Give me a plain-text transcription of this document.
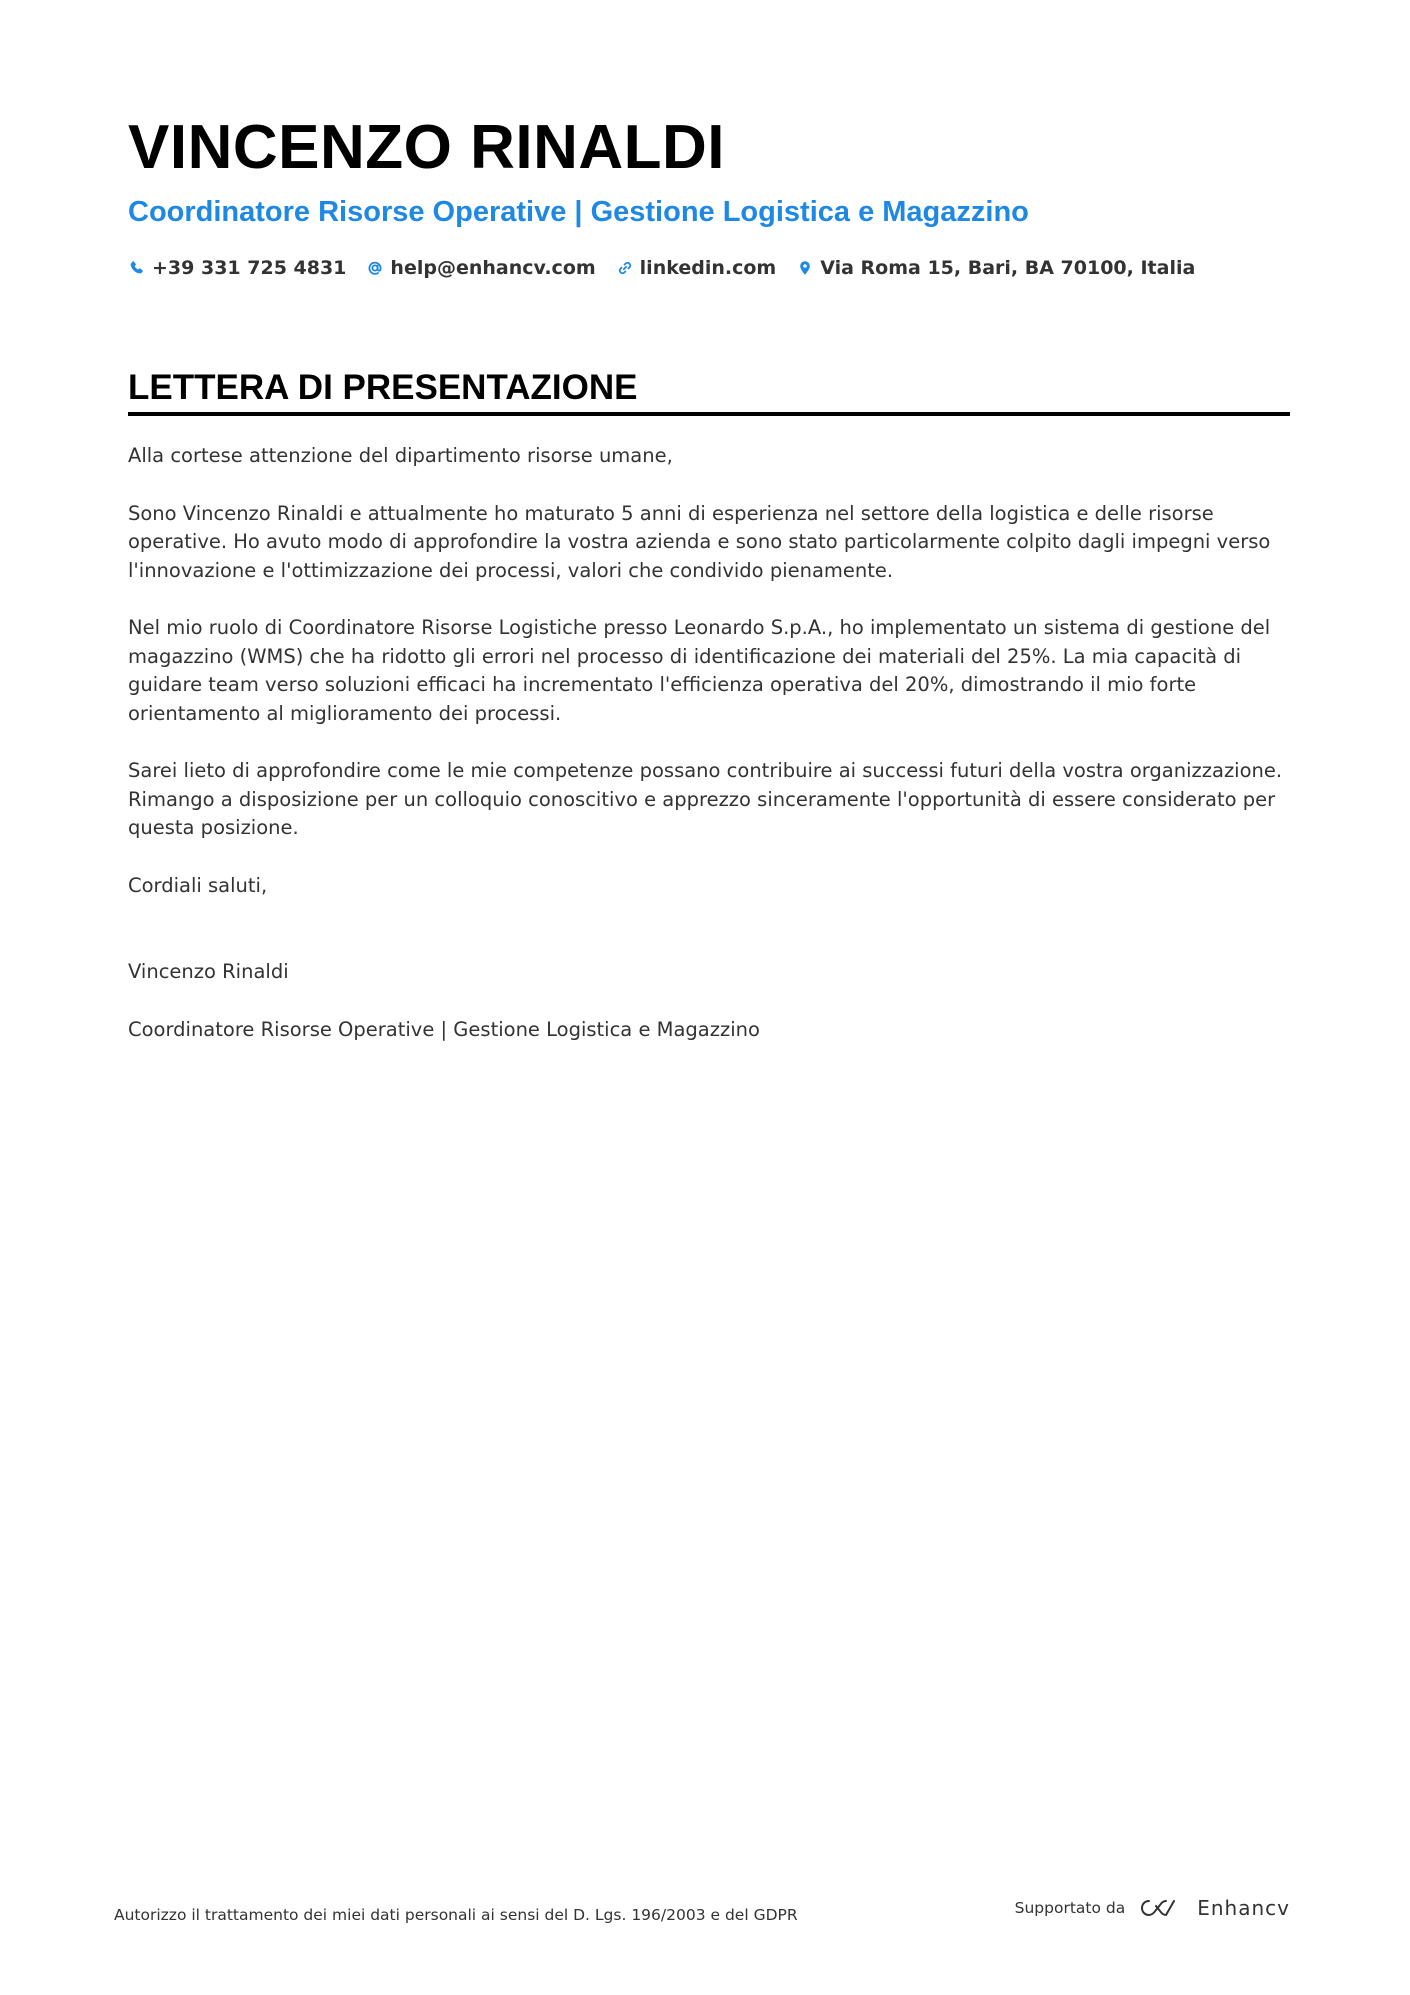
VINCENZO RINALDI
Coordinatore Risorse Operative | Gestione Logistica e Magazzino
+39 331 725 4831 help@enhancv.com linkedin.com Via Roma 15, Bari, BA 70100, Italia
LETTERA DI PRESENTAZIONE

Alla cortese attenzione del dipartimento risorse umane,

Sono Vincenzo Rinaldi e attualmente ho maturato 5 anni di esperienza nel settore della logistica e delle risorse operative. Ho avuto modo di approfondire la vostra azienda e sono stato particolarmente colpito dagli impegni verso l'innovazione e l'ottimizzazione dei processi, valori che condivido pienamente.

Nel mio ruolo di Coordinatore Risorse Logistiche presso Leonardo S.p.A., ho implementato un sistema di gestione del magazzino (WMS) che ha ridotto gli errori nel processo di identificazione dei materiali del 25%. La mia capacità di guidare team verso soluzioni efficaci ha incrementato l'efficienza operativa del 20%, dimostrando il mio forte orientamento al miglioramento dei processi.

Sarei lieto di approfondire come le mie competenze possano contribuire ai successi futuri della vostra organizzazione. Rimango a disposizione per un colloquio conoscitivo e apprezzo sinceramente l'opportunità di essere considerato per questa posizione.

Cordiali saluti,

Vincenzo Rinaldi

Coordinatore Risorse Operative | Gestione Logistica e Magazzino

Autorizzo il trattamento dei miei dati personali ai sensi del D. Lgs. 196/2003 e del GDPR	Supportato da	Enhancv
